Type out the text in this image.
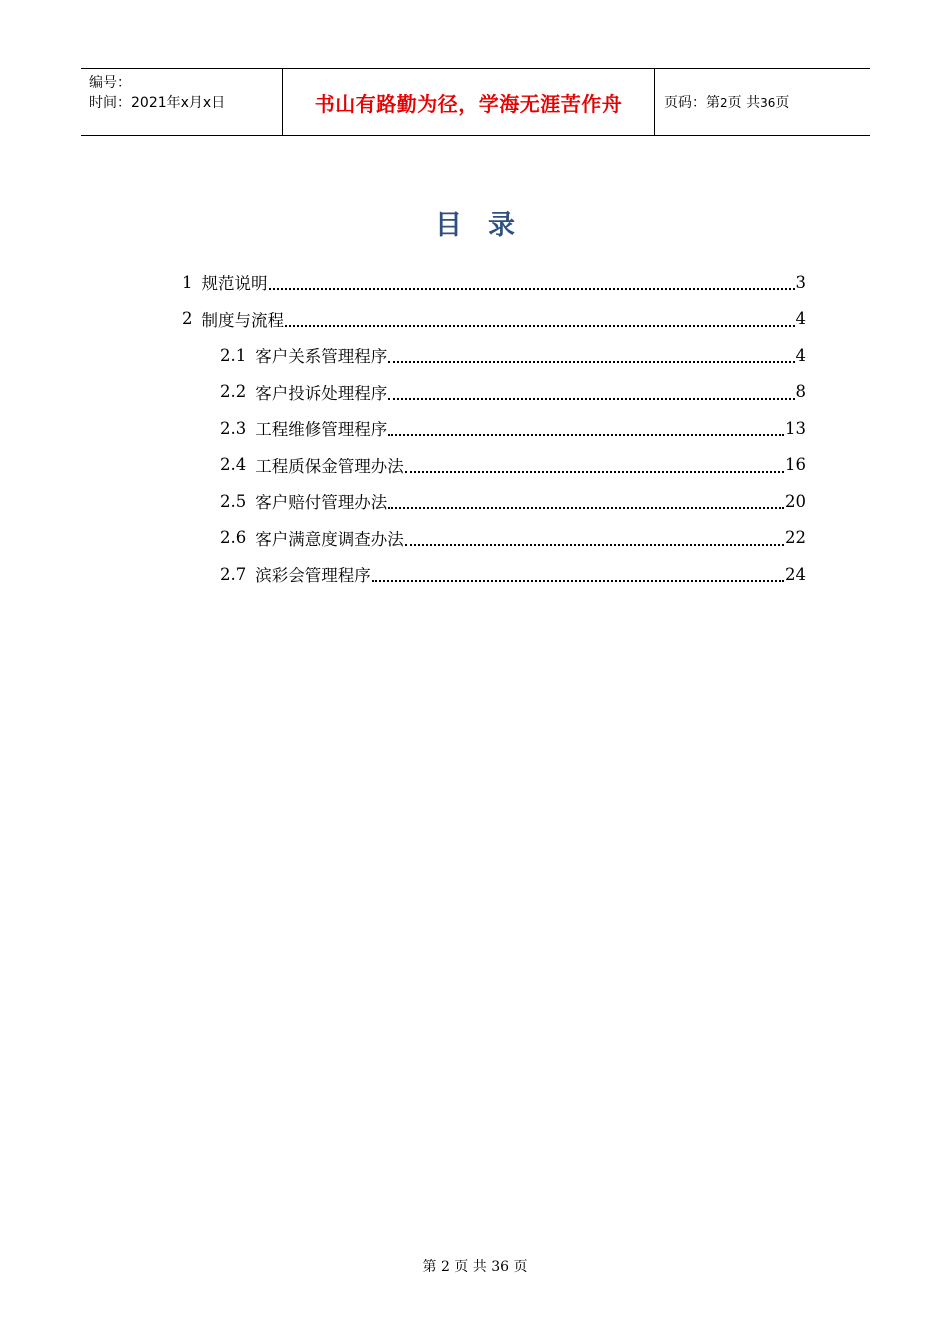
编号：
时间：2021年x月x日	书山有路勤为径，学海无涯苦作舟	页码：第2页 共36页
目录
1 规范说明	3
2 制度与流程	4
2.1 客户关系管理程序	4
2.2 客户投诉处理程序	8
2.3 工程维修管理程序	13
2.4 工程质保金管理办法	16
2.5 客户赔付管理办法	20
2.6 客户满意度调查办法	22
2.7 滨彩会管理程序	24
第 2 页 共 36 页
